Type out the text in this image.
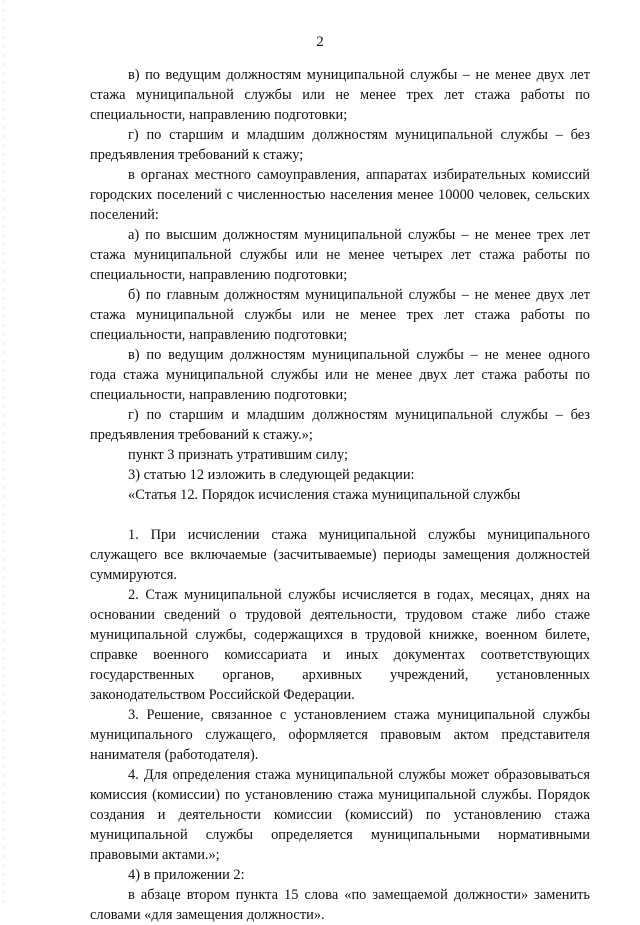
2

в) по ведущим должностям муниципальной службы – не менее двух лет стажа муниципальной службы или не менее трех лет стажа работы по специальности, направлению подготовки;

г) по старшим и младшим должностям муниципальной службы – без предъявления требований к стажу;

в органах местного самоуправления, аппаратах избирательных комиссий городских поселений с численностью населения менее 10000 человек, сельских поселений:

а) по высшим должностям муниципальной службы – не менее трех лет стажа муниципальной службы или не менее четырех лет стажа работы по специальности, направлению подготовки;

б) по главным должностям муниципальной службы – не менее двух лет стажа муниципальной службы или не менее трех лет стажа работы по специальности, направлению подготовки;

в) по ведущим должностям муниципальной службы – не менее одного года стажа муниципальной службы или не менее двух лет стажа работы по специальности, направлению подготовки;

г) по старшим и младшим должностям муниципальной службы – без предъявления требований к стажу.»;

пункт 3 признать утратившим силу;

3) статью 12 изложить в следующей редакции:

«Статья 12. Порядок исчисления стажа муниципальной службы

1. При исчислении стажа муниципальной службы муниципального служащего все включаемые (засчитываемые) периоды замещения должностей суммируются.

2. Стаж муниципальной службы исчисляется в годах, месяцах, днях на основании сведений о трудовой деятельности, трудовом стаже либо стаже муниципальной службы, содержащихся в трудовой книжке, военном билете, справке военного комиссариата и иных документах соответствующих государственных органов, архивных учреждений, установленных законодательством Российской Федерации.

3. Решение, связанное с установлением стажа муниципальной службы муниципального служащего, оформляется правовым актом представителя нанимателя (работодателя).

4. Для определения стажа муниципальной службы может образовываться комиссия (комиссии) по установлению стажа муниципальной службы. Порядок создания и деятельности комиссии (комиссий) по установлению стажа муниципальной службы определяется муниципальными нормативными правовыми актами.»;

4) в приложении 2:

в абзаце втором пункта 15 слова «по замещаемой должности» заменить словами «для замещения должности».
